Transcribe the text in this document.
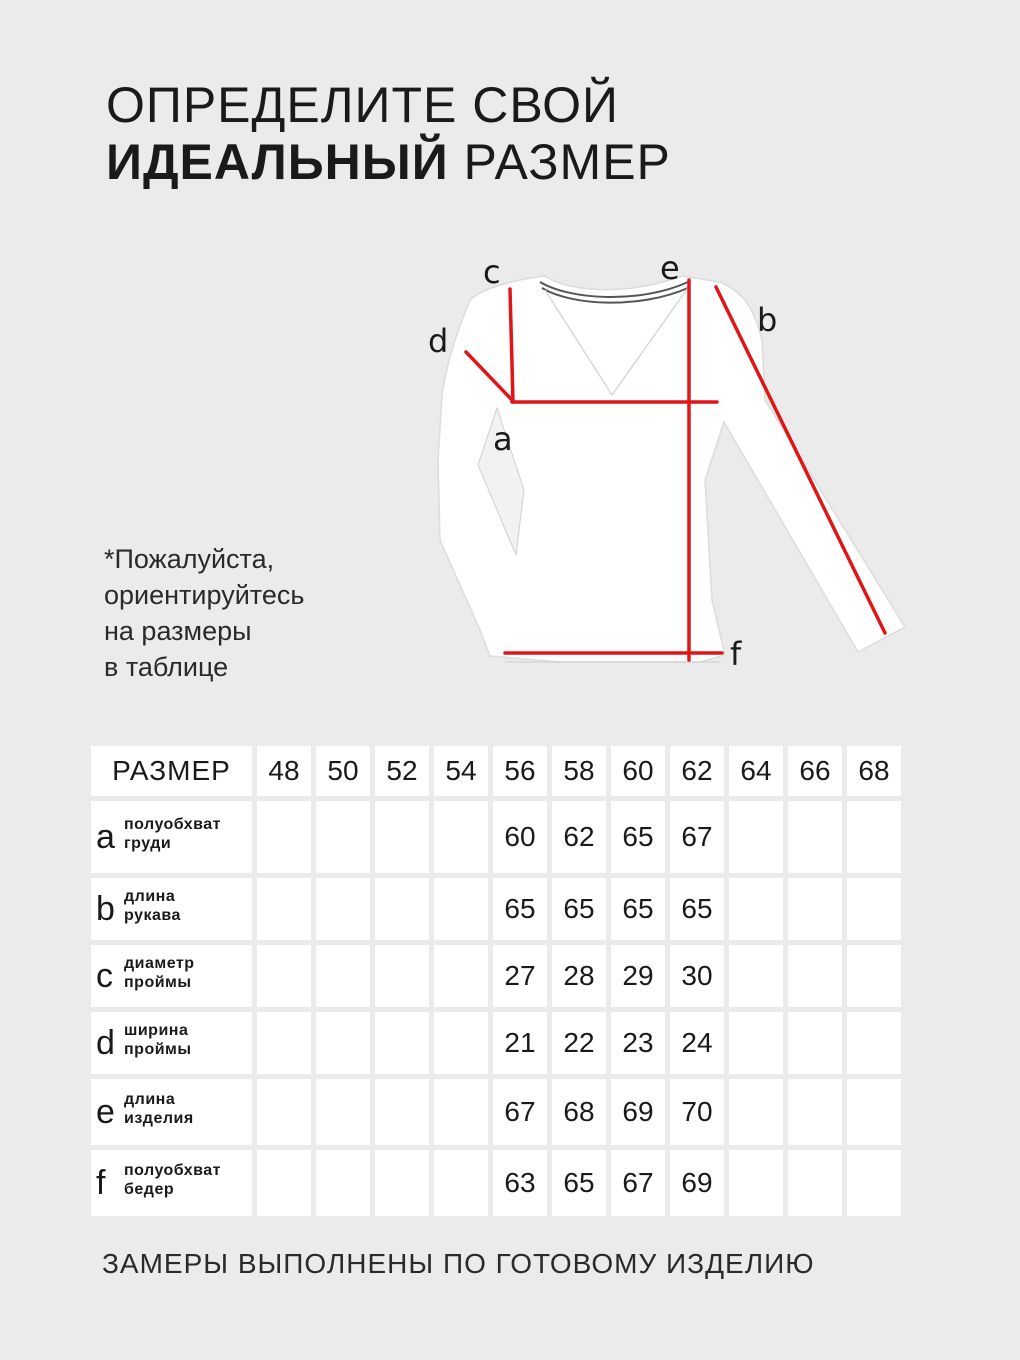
ОПРЕДЕЛИТЕ СВОЙ
ИДЕАЛЬНЫЙ РАЗМЕР
*Пожалуйста,
ориентируйтесь
на размеры
в таблице
c	e
b
d
a
f
РАЗМЕР	48	50	52	54	56	58	60	62	64	66	68

a полуобхват
груди					60	62	65	67			

b длина
рукава					65	65	65	65			

c диаметр
проймы					27	28	29	30			

d ширина
проймы					21	22	23	24			

e длина
изделия					67	68	69	70			

f полуобхват
бедер					63	65	67	69			
ЗАМЕРЫ ВЫПОЛНЕНЫ ПО ГОТОВОМУ ИЗДЕЛИЮ
